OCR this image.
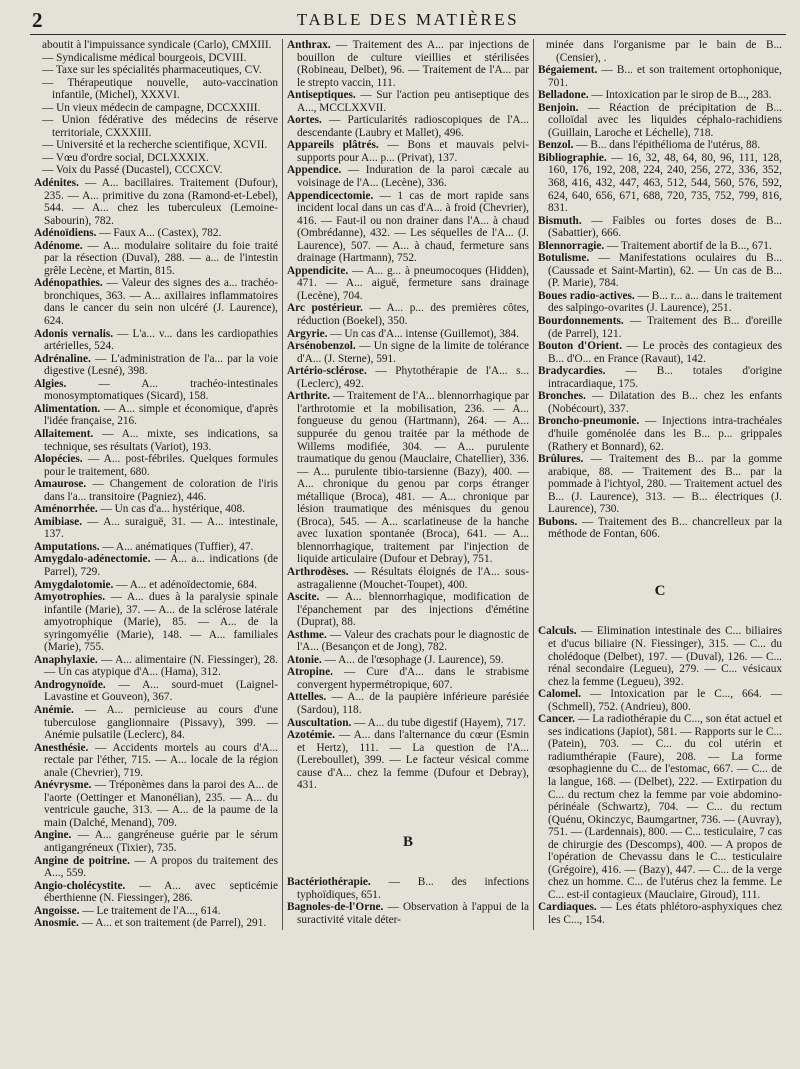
2	TABLE DES MATIÈRES

aboutit à l'impuissance syndicale (Carlo), CMXIII.

— Syndicalisme médical bourgeois, DCVIII.

— Taxe sur les spécialités pharmaceutiques, CV.

— Thérapeutique nouvelle, auto-vaccination infantile, (Michel), XXXVI.

— Un vieux médecin de campagne, DCCXXIII.

— Union fédérative des médecins de réserve territoriale, CXXXIII.

— Université et la recherche scientifique, XCVII.

— Vœu d'ordre social, DCLXXXIX.

— Voix du Passé (Ducastel), CCCXCV.

Adénites. — A... bacillaires. Traitement (Dufour), 235. — A... primitive du zona (Ramond-et-Lebel), 544. — A... chez les tuberculeux (Lemoine-Sabourin), 782.

Adénoïdiens. — Faux A... (Castex), 782.

Adénome. — A... modulaire solitaire du foie traité par la résection (Duval), 288. — a... de l'intestin grêle Lecène, et Martin, 815.

Adénopathies. — Valeur des signes des a... trachéo-bronchiques, 363. — A... axillaires inflammatoires dans le cancer du sein non ulcéré (J. Laurence), 624.

Adonis vernalis. — L'a... v... dans les cardiopathies artérielles, 524.

Adrénaline. — L'administration de l'a... par la voie digestive (Lesné), 398.

Algies. — A... trachéo-intestinales monosymptomatiques (Sicard), 158.

Alimentation. — A... simple et économique, d'après l'idée française, 216.

Allaitement. — A... mixte, ses indications, sa technique, ses résultats (Variot), 193.

Alopécies. — A... post-fébriles. Quelques formules pour le traitement, 680.

Amaurose. — Changement de coloration de l'iris dans l'a... transitoire (Pagniez), 446.

Aménorrhée. — Un cas d'a... hystérique, 408.

Amibiase. — A... suraiguë, 31. — A... intestinale, 137.

Amputations. — A... anématiques (Tuffier), 47.

Amygdalo-adénectomie. — A... a... indications (de Parrel), 729.

Amygdalotomie. — A... et adénoïdectomie, 684.

Amyotrophies. — A... dues à la paralysie spinale infantile (Marie), 37. — A... de la sclérose latérale amyotrophique (Marie), 85. — A... de la syringomyélie (Marie), 148. — A... familiales (Marie), 755.

Anaphylaxie. — A... alimentaire (N. Fiessinger), 28. — Un cas atypique d'A... (Hama), 312.

Androgynoïde. — A... sourd-muet (Laignel-Lavastine et Gouveon), 367.

Anémie. — A... pernicieuse au cours d'une tuberculose ganglionnaire (Pissavy), 399. — Anémie pulsatile (Leclerc), 84.

Anesthésie. — Accidents mortels au cours d'A... rectale par l'éther, 715. — A... locale de la région anale (Chevrier), 719.

Anévrysme. — Tréponèmes dans la paroi des A... de l'aorte (Oettinger et Manonélian), 235. — A... du ventricule gauche, 313. — A... de la paume de la main (Dalché, Menand), 709.

Angine. — A... gangréneuse guérie par le sérum antigangréneux (Tixier), 735.

Angine de poitrine. — A propos du traitement des A..., 559.

Angio-cholécystite. — A... avec septicémie éberthienne (N. Fiessinger), 286.

Angoisse. — Le traitement de l'A..., 614.

Anosmie. — A... et son traitement (de Parrel), 291.

Anthrax. — Traitement des A... par injections de bouillon de culture vieillies et stérilisées (Robineau, Delbet), 96. — Traitement de l'A... par le strepto vaccin, 111.

Antiseptiques. — Sur l'action peu antiseptique des A..., MCCLXXVII.

Aortes. — Particularités radioscopiques de l'A... descendante (Laubry et Mallet), 496.

Appareils plâtrés. — Bons et mauvais pelvi-supports pour A... p... (Privat), 137.

Appendice. — Induration de la paroi cæcale au voisinage de l'A... (Lecène), 336.

Appendicectomie. — 1 cas de mort rapide sans incident local dans un cas d'A... à froid (Chevrier), 416. — Faut-il ou non drainer dans l'A... à chaud (Ombrédanne), 432. — Les séquelles de l'A... (J. Laurence), 507. — A... à chaud, fermeture sans drainage (Hartmann), 752.

Appendicite. — A... g... à pneumocoques (Hidden), 471. — A... aiguë, fermeture sans drainage (Lecène), 704.

Arc postérieur. — A... p... des premières côtes, réduction (Boekel), 350.

Argyrie. — Un cas d'A... intense (Guillemot), 384.

Arsénobenzol. — Un signe de la limite de tolérance d'A... (J. Sterne), 591.

Artério-sclérose. — Phytothérapie de l'A... s... (Leclerc), 492.

Arthrite. — Traitement de l'A... blennorrhagique par l'arthrotomie et la mobilisation, 236. — A... fongueuse du genou (Hartmann), 264. — A... suppurée du genou traitée par la méthode de Willems modifiée, 304. — A... purulente traumatique du genou (Mauclaire, Chatellier), 336. — A... purulente tibio-tarsienne (Bazy), 400. — A... chronique du genou par corps étranger métallique (Broca), 481. — A... chronique par lésion traumatique des ménisques du genou (Broca), 545. — A... scarlatineuse de la hanche avec luxation spontanée (Broca), 641. — A... blennorrhagique, traitement par l'injection de liquide articulaire (Dufour et Debray), 751.

Arthrodèses. — Résultats éloignés de l'A... sous-astragalienne (Mouchet-Toupet), 400.

Ascite. — A... blennorrhagique, modification de l'épanchement par des injections d'émétine (Duprat), 88.

Asthme. — Valeur des crachats pour le diagnostic de l'A... (Besançon et de Jong), 782.

Atonie. — A... de l'œsophage (J. Laurence), 59.

Atropine. — Cure d'A... dans le strabisme convergent hypermétropique, 607.

Attelles. — A... de la paupière inférieure parésiée (Sardou), 118.

Auscultation. — A... du tube digestif (Hayem), 717.

Azotémie. — A... dans l'alternance du cœur (Esmin et Hertz), 111. — La question de l'A... (Lereboullet), 399. — Le facteur vésical comme cause d'A... chez la femme (Dufour et Debray), 431.

B

Bactériothérapie. — B... des infections typhoïdiques, 651.

Bagnoles-de-l'Orne. — Observation à l'appui de la suractivité vitale déter-

minée dans l'organisme par le bain de B... (Censier), .

Bégaiement. — B... et son traitement ortophonique, 701.

Belladone. — Intoxication par le sirop de B..., 283.

Benjoin. — Réaction de précipitation de B... colloïdal avec les liquides céphalo-rachidiens (Guillain, Laroche et Léchelle), 718.

Benzol. — B... dans l'épithélioma de l'utérus, 88.

Bibliographie. — 16, 32, 48, 64, 80, 96, 111, 128, 160, 176, 192, 208, 224, 240, 256, 272, 336, 352, 368, 416, 432, 447, 463, 512, 544, 560, 576, 592, 624, 640, 656, 671, 688, 720, 735, 752, 799, 816, 831.

Bismuth. — Faibles ou fortes doses de B... (Sabattier), 666.

Blennorragie. — Traitement abortif de la B..., 671.

Botulisme. — Manifestations oculaires du B... (Caussade et Saint-Martin), 62. — Un cas de B... (P. Marie), 784.

Boues radio-actives. — B... r... a... dans le traitement des salpingo-ovarites (J. Laurence), 251.

Bourdonnements. — Traitement des B... d'oreille (de Parrel), 121.

Bouton d'Orient. — Le procès des contagieux des B... d'O... en France (Ravaut), 142.

Bradycardies. — B... totales d'origine intracardiaque, 175.

Bronches. — Dilatation des B... chez les enfants (Nobécourt), 337.

Broncho-pneumonie. — Injections intra-trachéales d'huile goménolée dans les B... p... grippales (Rathery et Bonnard), 62.

Brûlures. — Traitement des B... par la gomme arabique, 88. — Traitement des B... par la pommade à l'ichtyol, 280. — Traitement actuel des B... (J. Laurence), 313. — B... électriques (J. Laurence), 730.

Bubons. — Traitement des B... chancrelleux par la méthode de Fontan, 606.

C

Calculs. — Elimination intestinale des C... biliaires et d'ucus biliaire (N. Fiessinger), 315. — C... du cholédoque (Delbet), 197. — (Duval), 126. — C... rénal secondaire (Legueu), 279. — C... vésicaux chez la femme (Legueu), 392.

Calomel. — Intoxication par le C..., 664. — (Schmell), 752. (Andrieu), 800.

Cancer. — La radiothérapie du C..., son état actuel et ses indications (Japiot), 581. — Rapports sur le C... (Patein), 703. — C... du col utérin et radiumthérapie (Faure), 208. — La forme œsophagienne du C... de l'estomac, 667. — C... de la langue, 168. — (Delbet), 222. — Extirpation du C... du rectum chez la femme par voie abdomino-périnéale (Schwartz), 704. — C... du rectum (Quénu, Okinczyc, Baumgartner, 736. — (Auvray), 751. — (Lardennais), 800. — C... testiculaire, 7 cas de chirurgie des (Descomps), 400. — A propos de l'opération de Chevassu dans le C... testiculaire (Grégoire), 416. — (Bazy), 447. — C... de la verge chez un homme. C... de l'utérus chez la femme. Le C... est-il contagieux (Mauclaire, Giroud), 111.

Cardiaques. — Les états phlétoro-asphyxiques chez les C..., 154.
